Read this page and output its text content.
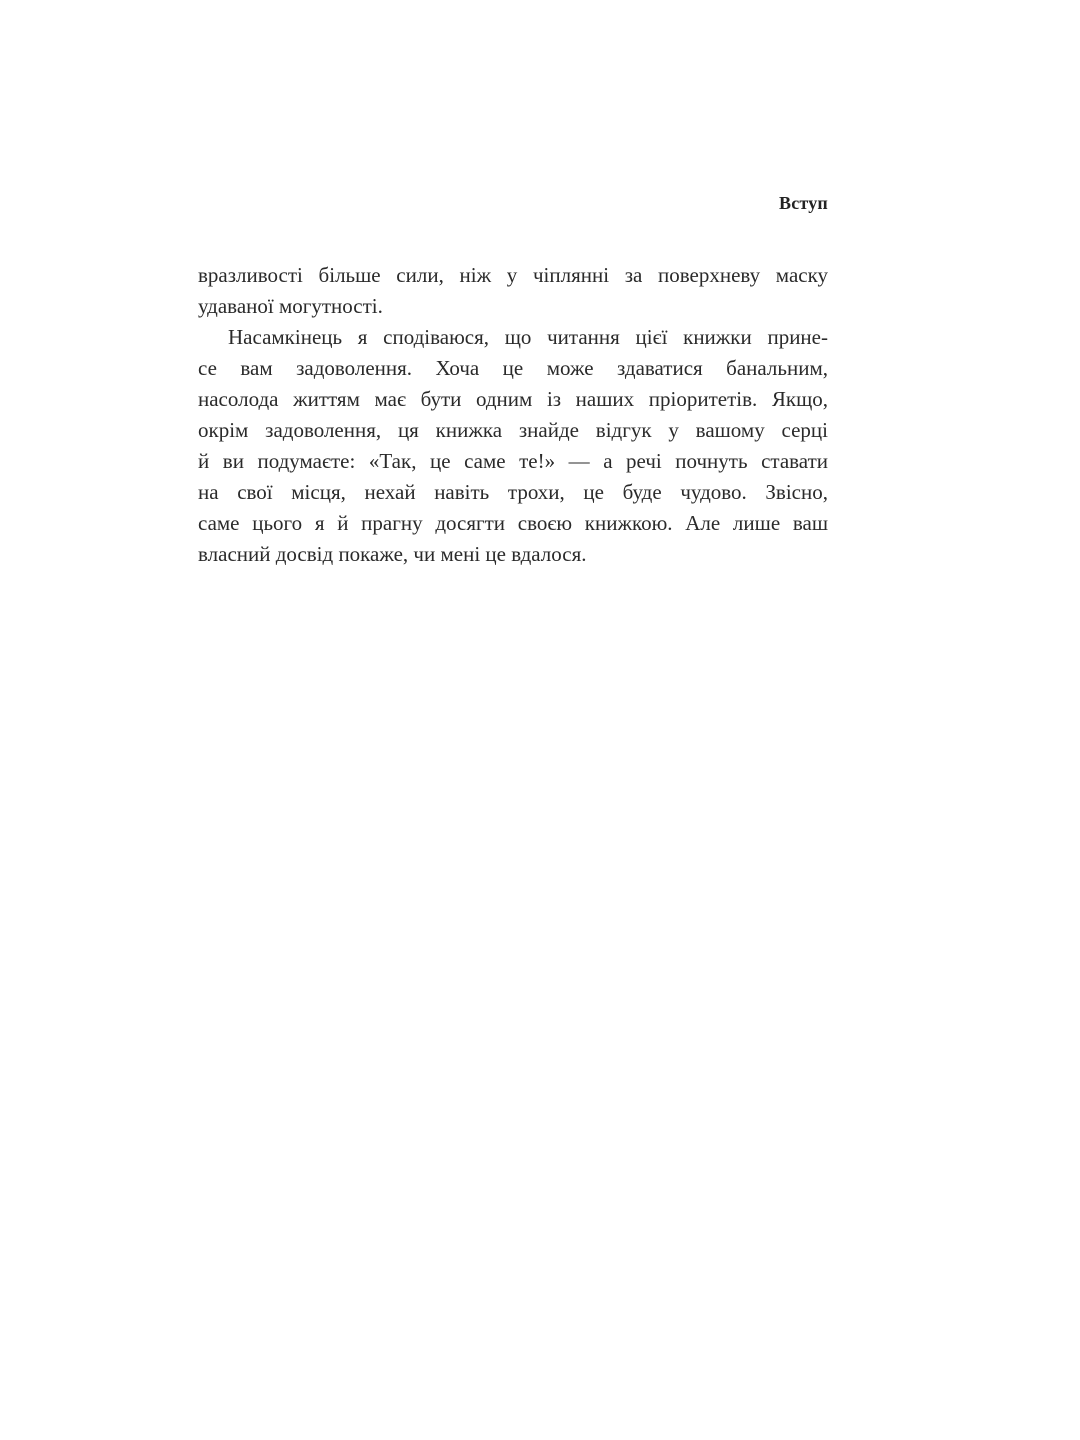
Вступ
вразливості більше сили, ніж у чіплянні за поверхневу маску
удаваної могутності.
Насамкінець я сподіваюся, що читання цієї книжки прине-
се вам задоволення. Хоча це може здаватися банальним,
насолода життям має бути одним із наших пріоритетів. Якщо,
окрім задоволення, ця книжка знайде відгук у вашому серці
й ви подумаєте: «Так, це саме те!» — а речі почнуть ставати
на свої місця, нехай навіть трохи, це буде чудово. Звісно,
саме цього я й прагну досягти своєю книжкою. Але лише ваш
власний досвід покаже, чи мені це вдалося.
